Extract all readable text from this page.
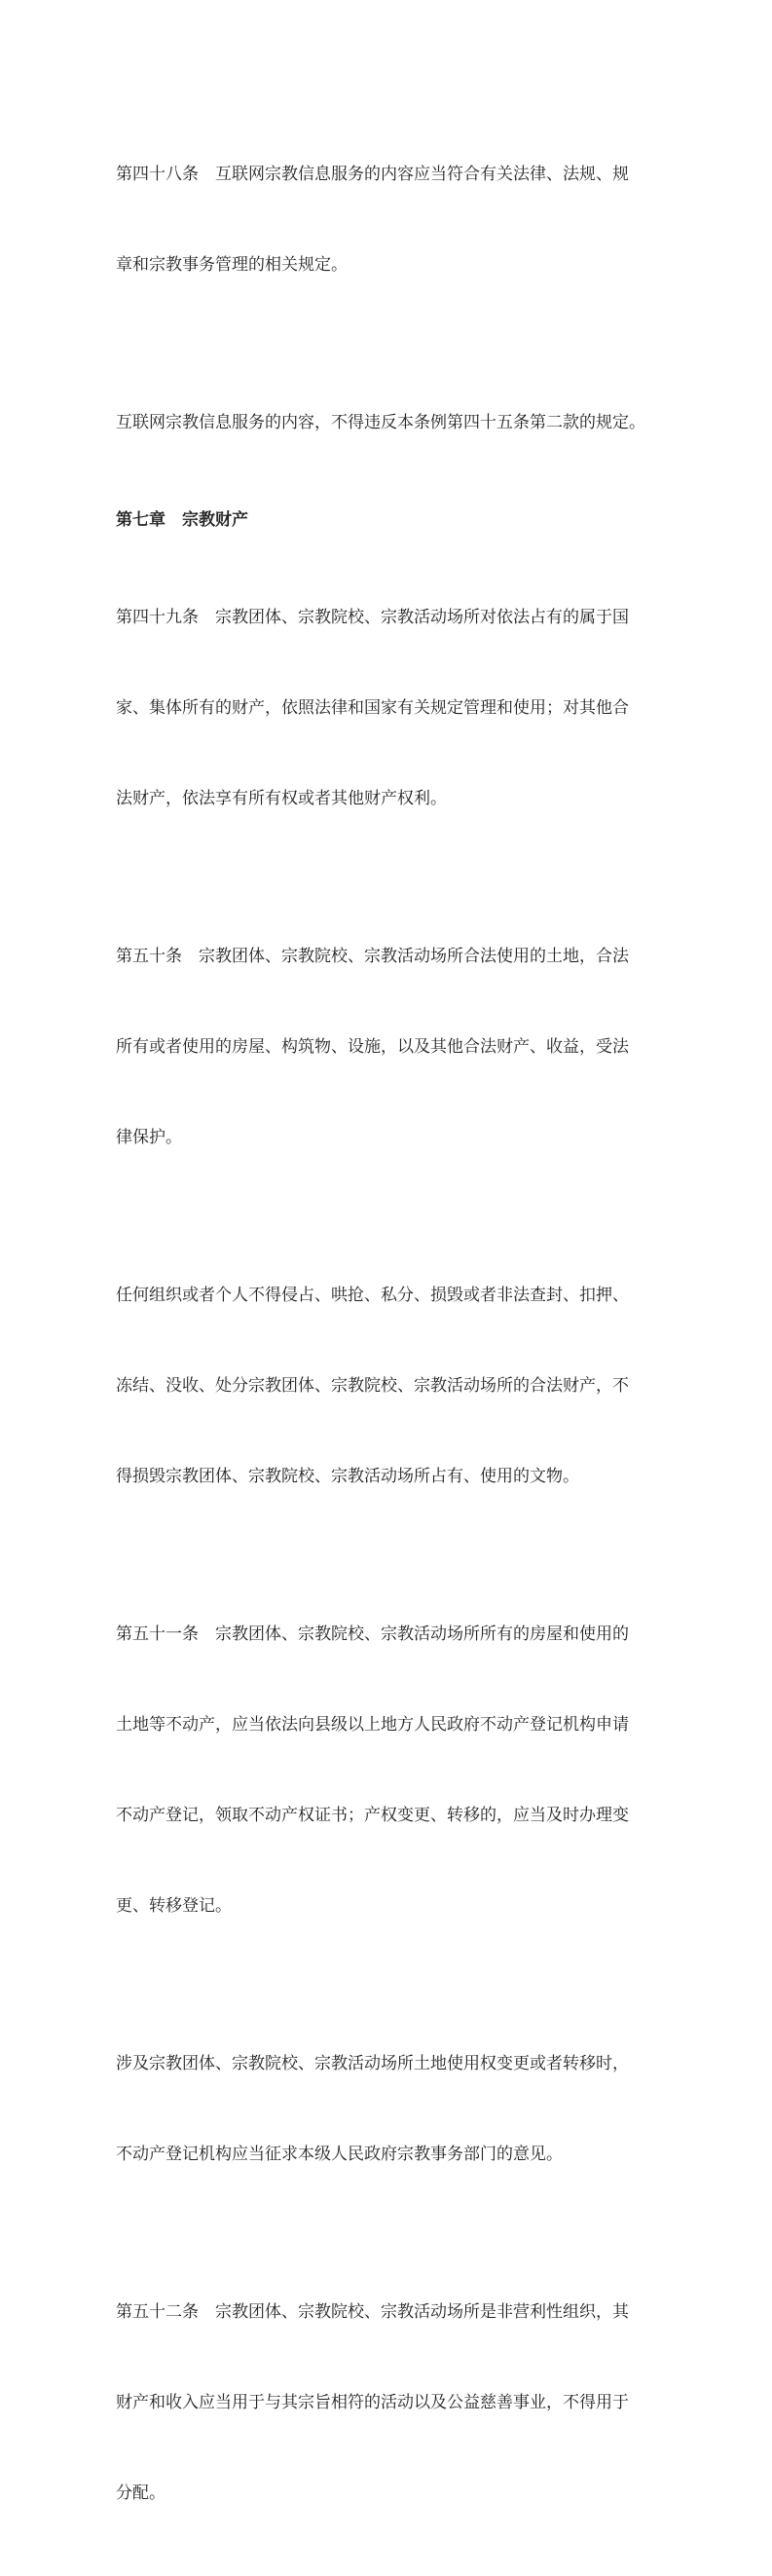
第四十八条　互联网宗教信息服务的内容应当符合有关法律、法规、规

章和宗教事务管理的相关规定。

互联网宗教信息服务的内容，不得违反本条例第四十五条第二款的规定。

第七章　宗教财产

第四十九条　宗教团体、宗教院校、宗教活动场所对依法占有的属于国

家、集体所有的财产，依照法律和国家有关规定管理和使用；对其他合

法财产，依法享有所有权或者其他财产权利。

第五十条　宗教团体、宗教院校、宗教活动场所合法使用的土地，合法

所有或者使用的房屋、构筑物、设施，以及其他合法财产、收益，受法

律保护。

任何组织或者个人不得侵占、哄抢、私分、损毁或者非法查封、扣押、

冻结、没收、处分宗教团体、宗教院校、宗教活动场所的合法财产，不

得损毁宗教团体、宗教院校、宗教活动场所占有、使用的文物。

第五十一条　宗教团体、宗教院校、宗教活动场所所有的房屋和使用的

土地等不动产，应当依法向县级以上地方人民政府不动产登记机构申请

不动产登记，领取不动产权证书；产权变更、转移的，应当及时办理变

更、转移登记。

涉及宗教团体、宗教院校、宗教活动场所土地使用权变更或者转移时，

不动产登记机构应当征求本级人民政府宗教事务部门的意见。

第五十二条　宗教团体、宗教院校、宗教活动场所是非营利性组织，其

财产和收入应当用于与其宗旨相符的活动以及公益慈善事业，不得用于

分配。
